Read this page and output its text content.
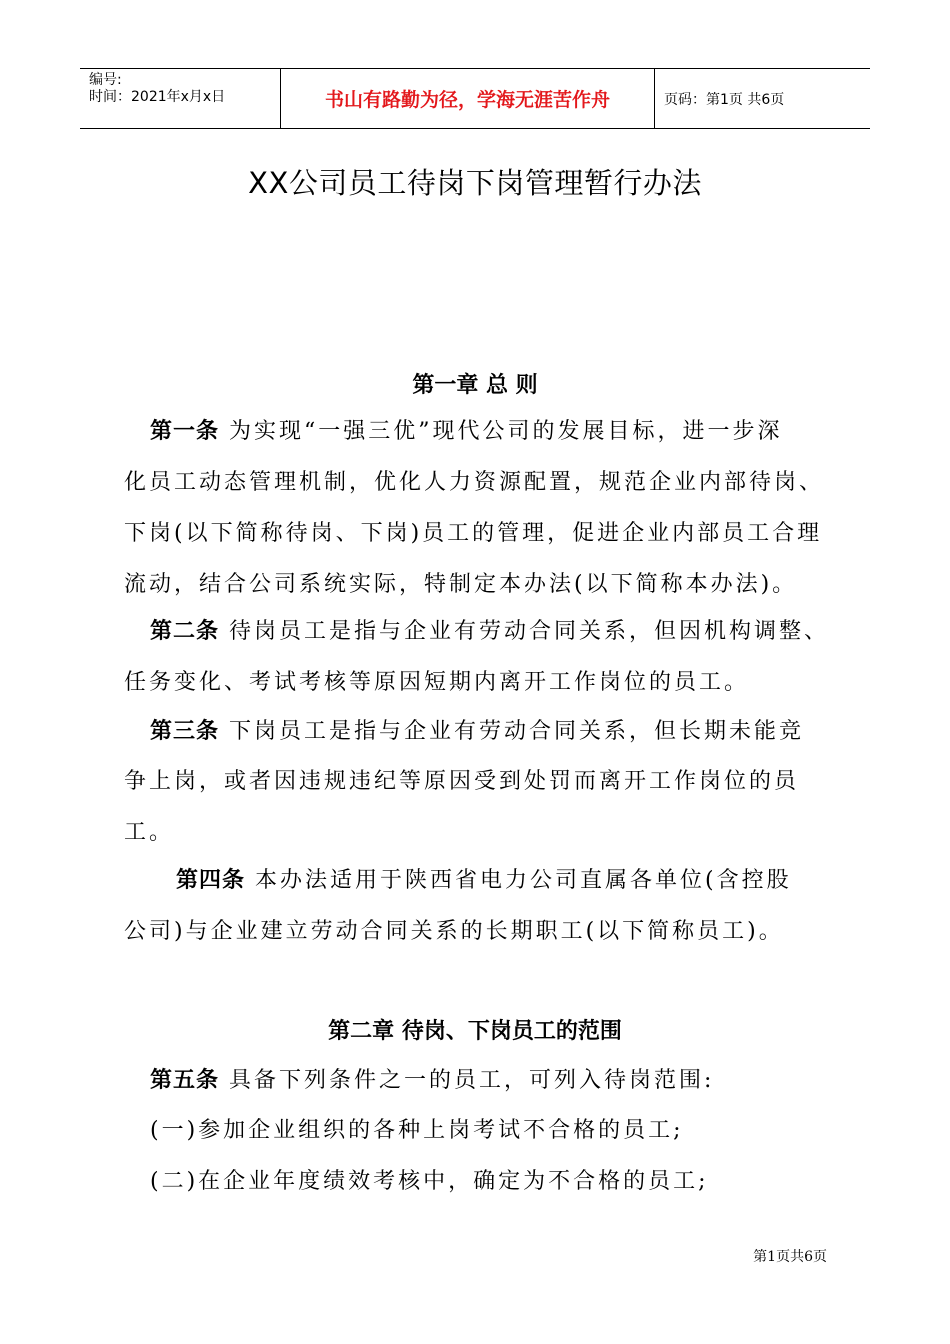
编号:
时间：2021年x月x日	书山有路勤为径，学海无涯苦作舟	页码：第1页 共6页
XX公司员工待岗下岗管理暂行办法
第一章 总 则
第一条 为实现“一强三优”现代公司的发展目标，进一步深
化员工动态管理机制，优化人力资源配置，规范企业内部待岗、
下岗(以下简称待岗、下岗)员工的管理，促进企业内部员工合理
流动，结合公司系统实际，特制定本办法(以下简称本办法)。
第二条 待岗员工是指与企业有劳动合同关系，但因机构调整、
任务变化、考试考核等原因短期内离开工作岗位的员工。
第三条 下岗员工是指与企业有劳动合同关系，但长期未能竞
争上岗，或者因违规违纪等原因受到处罚而离开工作岗位的员
工。
第四条 本办法适用于陕西省电力公司直属各单位(含控股
公司)与企业建立劳动合同关系的长期职工(以下简称员工)。
第二章 待岗、下岗员工的范围
第五条 具备下列条件之一的员工，可列入待岗范围:
(一)参加企业组织的各种上岗考试不合格的员工;
(二)在企业年度绩效考核中，确定为不合格的员工;
第1页共6页
